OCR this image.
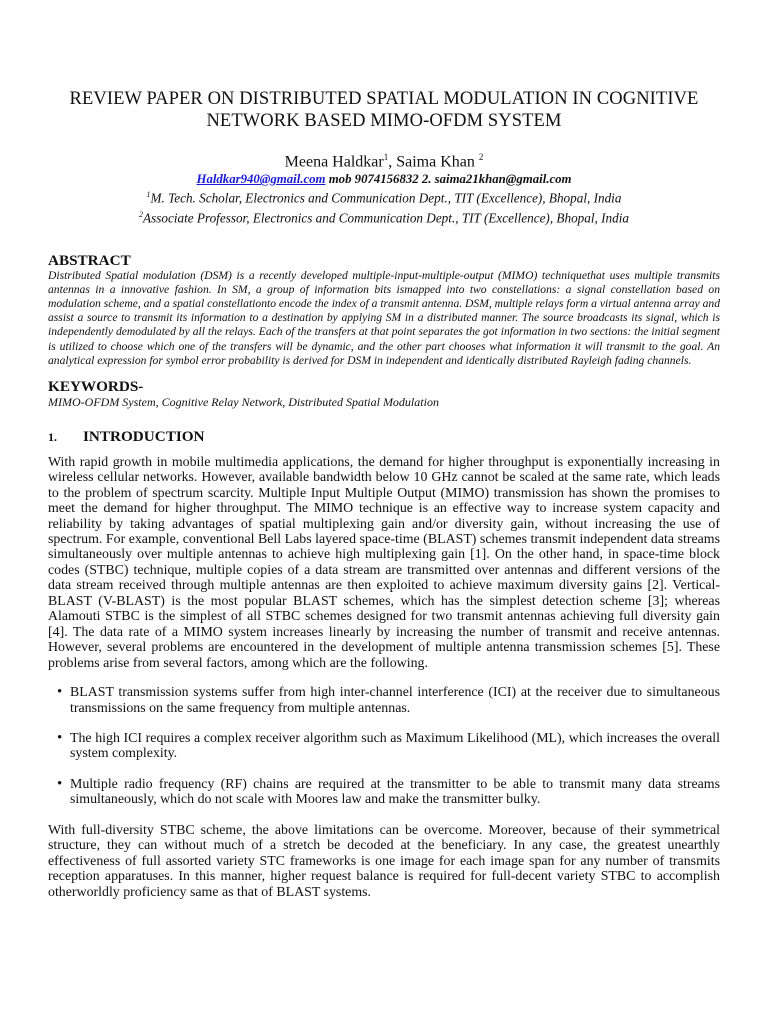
REVIEW PAPER ON DISTRIBUTED SPATIAL MODULATION IN COGNITIVE NETWORK BASED MIMO-OFDM SYSTEM
Meena Haldkar$^1$, Saima Khan $^2$
Haldkar940@gmail.com mob 9074156832 2. saima21khan@gmail.com
$^1$M. Tech. Scholar, Electronics and Communication Dept., TIT (Excellence), Bhopal, India
$^2$Associate Professor, Electronics and Communication Dept., TIT (Excellence), Bhopal, India
ABSTRACT
Distributed Spatial modulation (DSM) is a recently developed multiple-input-multiple-output (MIMO) techniquethat uses multiple transmits antennas in a innovative fashion. In SM, a group of information bits ismapped into two constellations: a signal constellation based on modulation scheme, and a spatial constellationto encode the index of a transmit antenna. DSM, multiple relays form a virtual antenna array and assist a source to transmit its information to a destination by applying SM in a distributed manner. The source broadcasts its signal, which is independently demodulated by all the relays. Each of the transfers at that point separates the got information in two sections: the initial segment is utilized to choose which one of the transfers will be dynamic, and the other part chooses what information it will transmit to the goal. An analytical expression for symbol error probability is derived for DSM in independent and identically distributed Rayleigh fading channels.
KEYWORDS-
MIMO-OFDM System, Cognitive Relay Network, Distributed Spatial Modulation
1.	INTRODUCTION
With rapid growth in mobile multimedia applications, the demand for higher throughput is exponentially increasing in wireless cellular networks. However, available bandwidth below 10 GHz cannot be scaled at the same rate, which leads to the problem of spectrum scarcity. Multiple Input Multiple Output (MIMO) transmission has shown the promises to meet the demand for higher throughput. The MIMO technique is an effective way to increase system capacity and reliability by taking advantages of spatial multiplexing gain and/or diversity gain, without increasing the use of spectrum. For example, conventional Bell Labs layered space-time (BLAST) schemes transmit independent data streams simultaneously over multiple antennas to achieve high multiplexing gain [1]. On the other hand, in space-time block codes (STBC) technique, multiple copies of a data stream are transmitted over antennas and different versions of the data stream received through multiple antennas are then exploited to achieve maximum diversity gains [2]. Vertical-BLAST (V-BLAST) is the most popular BLAST schemes, which has the simplest detection scheme [3]; whereas Alamouti STBC is the simplest of all STBC schemes designed for two transmit antennas achieving full diversity gain [4]. The data rate of a MIMO system increases linearly by increasing the number of transmit and receive antennas. However, several problems are encountered in the development of multiple antenna transmission schemes [5]. These problems arise from several factors, among which are the following.
• BLAST transmission systems suffer from high inter-channel interference (ICI) at the receiver due to simultaneous transmissions on the same frequency from multiple antennas.
• The high ICI requires a complex receiver algorithm such as Maximum Likelihood (ML), which increases the overall system complexity.
• Multiple radio frequency (RF) chains are required at the transmitter to be able to transmit many data streams simultaneously, which do not scale with Moores law and make the transmitter bulky.
With full-diversity STBC scheme, the above limitations can be overcome. Moreover, because of their symmetrical structure, they can without much of a stretch be decoded at the beneficiary. In any case, the greatest unearthly effectiveness of full assorted variety STC frameworks is one image for each image span for any number of transmits reception apparatuses. In this manner, higher request balance is required for full-decent variety STBC to accomplish otherworldly proficiency same as that of BLAST systems.
